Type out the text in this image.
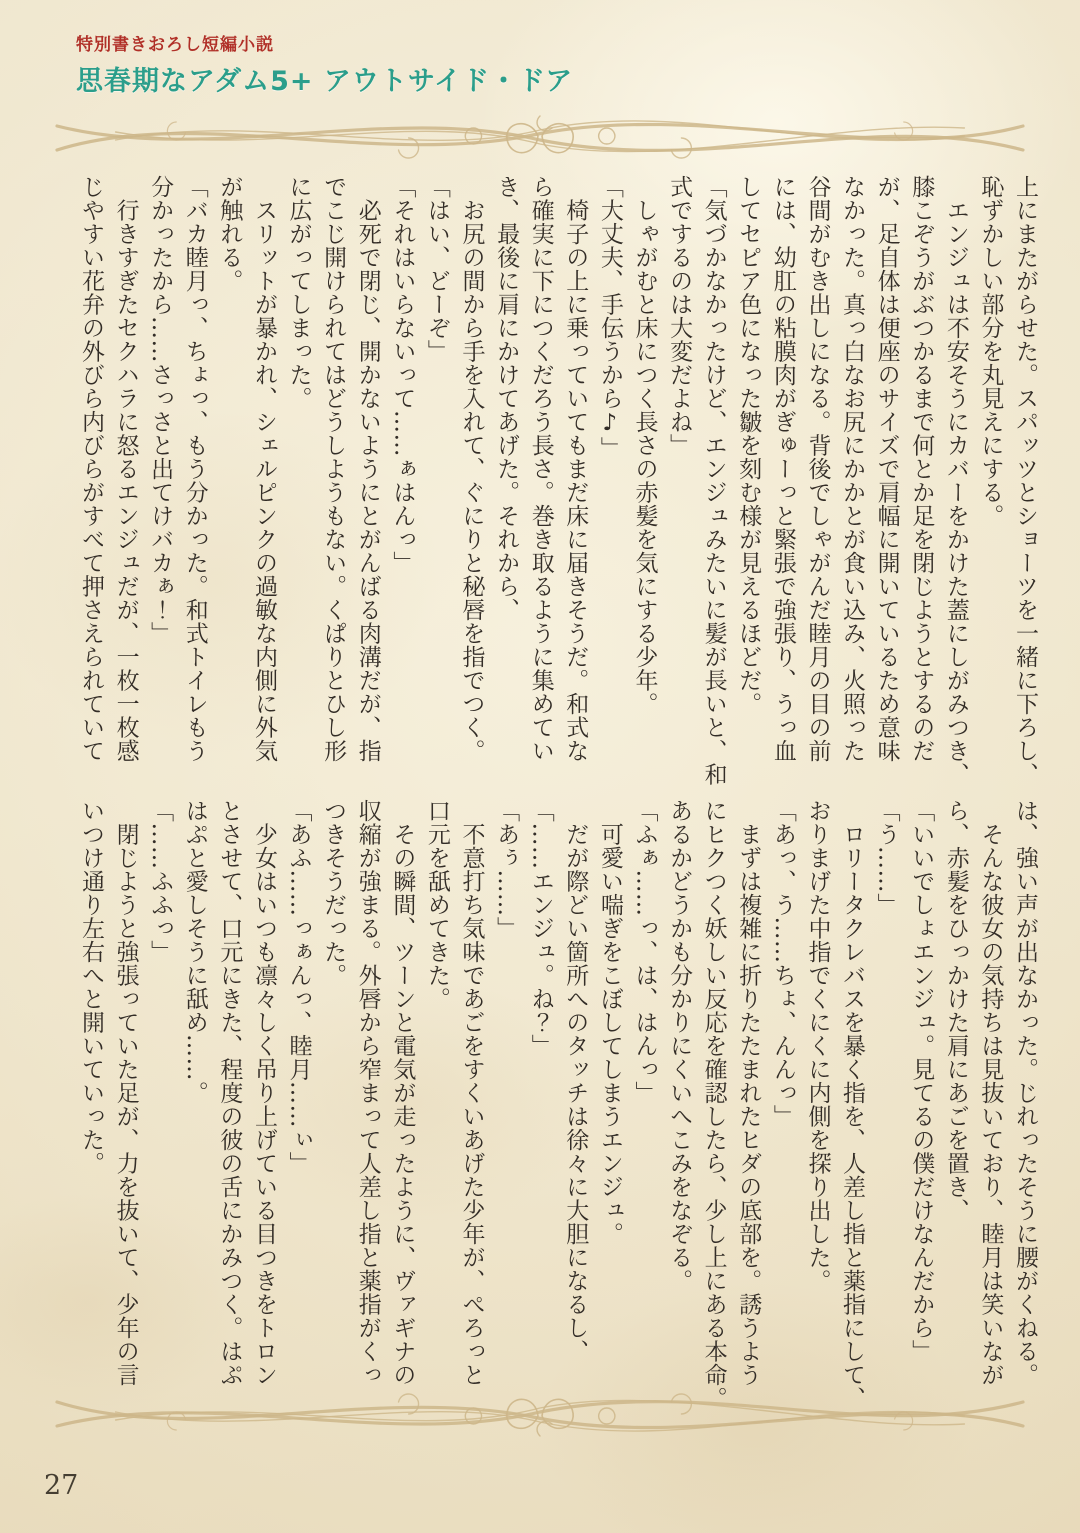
特別書きおろし短編小説
思春期なアダム5+ アウトサイド・ドア
上にまたがらせた。スパッツとショーツを一緒に下ろし、
恥ずかしい部分を丸見えにする。
　エンジュは不安そうにカバーをかけた蓋にしがみつき、
膝こぞうがぶつかるまで何とか足を閉じようとするのだ
が、足自体は便座のサイズで肩幅に開いているため意味
なかった。真っ白なお尻にかかとが食い込み、火照った
谷間がむき出しになる。背後でしゃがんだ睦月の目の前
には、幼肛の粘膜肉がぎゅーっと緊張で強張り、うっ血
してセピア色になった皺を刻む様が見えるほどだ。
「気づかなかったけど、エンジュみたいに髪が長いと、和
式でするのは大変だよね」
　しゃがむと床につく長さの赤髪を気にする少年。
「大丈夫、手伝うから♪」
　椅子の上に乗っていてもまだ床に届きそうだ。和式な
ら確実に下につくだろう長さ。巻き取るように集めてい
き、最後に肩にかけてあげた。それから、
　お尻の間から手を入れて、ぐにりと秘唇を指でつく。
「はい、どーぞ」
「それはいらないって……ぁはんっ」
　必死で閉じ、開かないようにとがんばる肉溝だが、指
でこじ開けられてはどうしようもない。くぱりとひし形
に広がってしまった。
　スリットが暴かれ、シェルピンクの過敏な内側に外気
が触れる。
「バカ睦月っ、ちょっ、もう分かった。和式トイレもう
分かったから……さっさと出てけバカぁ！」
　行きすぎたセクハラに怒るエンジュだが、一枚一枚感
じやすい花弁の外びら内びらがすべて押さえられていて
は、強い声が出なかった。じれったそうに腰がくねる。
　そんな彼女の気持ちは見抜いており、睦月は笑いなが
ら、赤髪をひっかけた肩にあごを置き、
「いいでしょエンジュ。見てるの僕だけなんだから」
「う……」
　ロリータクレバスを暴く指を、人差し指と薬指にして、
おりまげた中指でくにくに内側を探り出した。
「あっ、う……ちょ、んんっ」
　まずは複雑に折りたたまれたヒダの底部を。誘うよう
にヒクつく妖しい反応を確認したら、少し上にある本命。
あるかどうかも分かりにくいへこみをなぞる。
「ふぁ……っ、は、はんっ」
　可愛い喘ぎをこぼしてしまうエンジュ。
　だが際どい箇所へのタッチは徐々に大胆になるし、
「……エンジュ。ね？」
「あぅ……」
　不意打ち気味であごをすくいあげた少年が、ぺろっと
口元を舐めてきた。
　その瞬間、ツーンと電気が走ったように、ヴァギナの
収縮が強まる。外唇から窄まって人差し指と薬指がくっ
つきそうだった。
「あふ……っぁんっ、睦月……ぃ」
　少女はいつも凛々しく吊り上げている目つきをトロン
とさせて、口元にきた、程度の彼の舌にかみつく。はぷ
はぷと愛しそうに舐め……。
「……ふふっ」
　閉じようと強張っていた足が、力を抜いて、少年の言
いつけ通り左右へと開いていった。
27
